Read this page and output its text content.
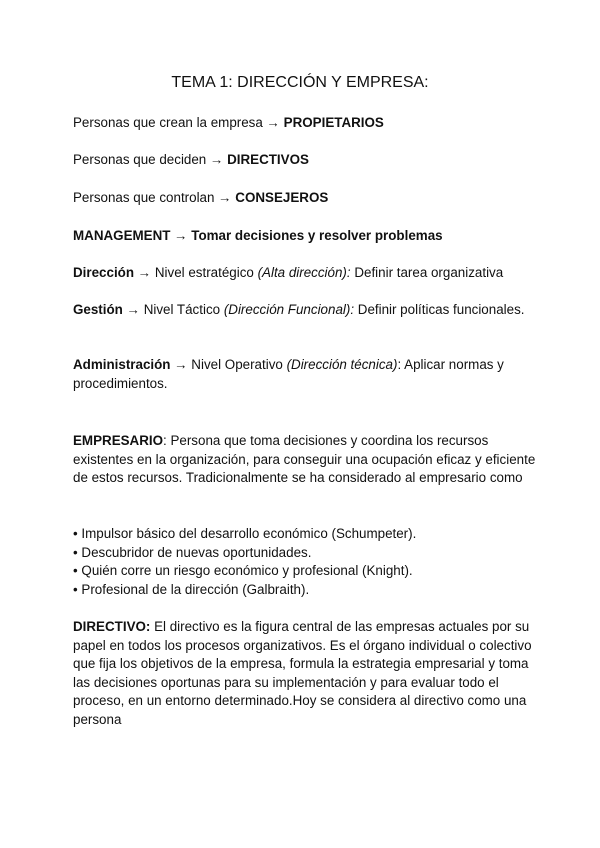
TEMA 1: DIRECCIÓN Y EMPRESA:
Personas que crean la empresa → PROPIETARIOS
Personas que deciden → DIRECTIVOS
Personas que controlan → CONSEJEROS
MANAGEMENT → Tomar decisiones y resolver problemas
Dirección → Nivel estratégico (Alta dirección): Definir tarea organizativa
Gestión → Nivel Táctico (Dirección Funcional): Definir políticas funcionales.
Administración → Nivel Operativo (Dirección técnica): Aplicar normas y procedimientos.
EMPRESARIO: Persona que toma decisiones y coordina los recursos existentes en la organización, para conseguir una ocupación eficaz y eficiente de estos recursos. Tradicionalmente se ha considerado al empresario como
• Impulsor básico del desarrollo económico (Schumpeter).
• Descubridor de nuevas oportunidades.
• Quién corre un riesgo económico y profesional (Knight).
• Profesional de la dirección (Galbraith).
DIRECTIVO: El directivo es la figura central de las empresas actuales por su papel en todos los procesos organizativos. Es el órgano individual o colectivo que fija los objetivos de la empresa, formula la estrategia empresarial y toma las decisiones oportunas para su implementación y para evaluar todo el proceso, en un entorno determinado.Hoy se considera al directivo como una persona
